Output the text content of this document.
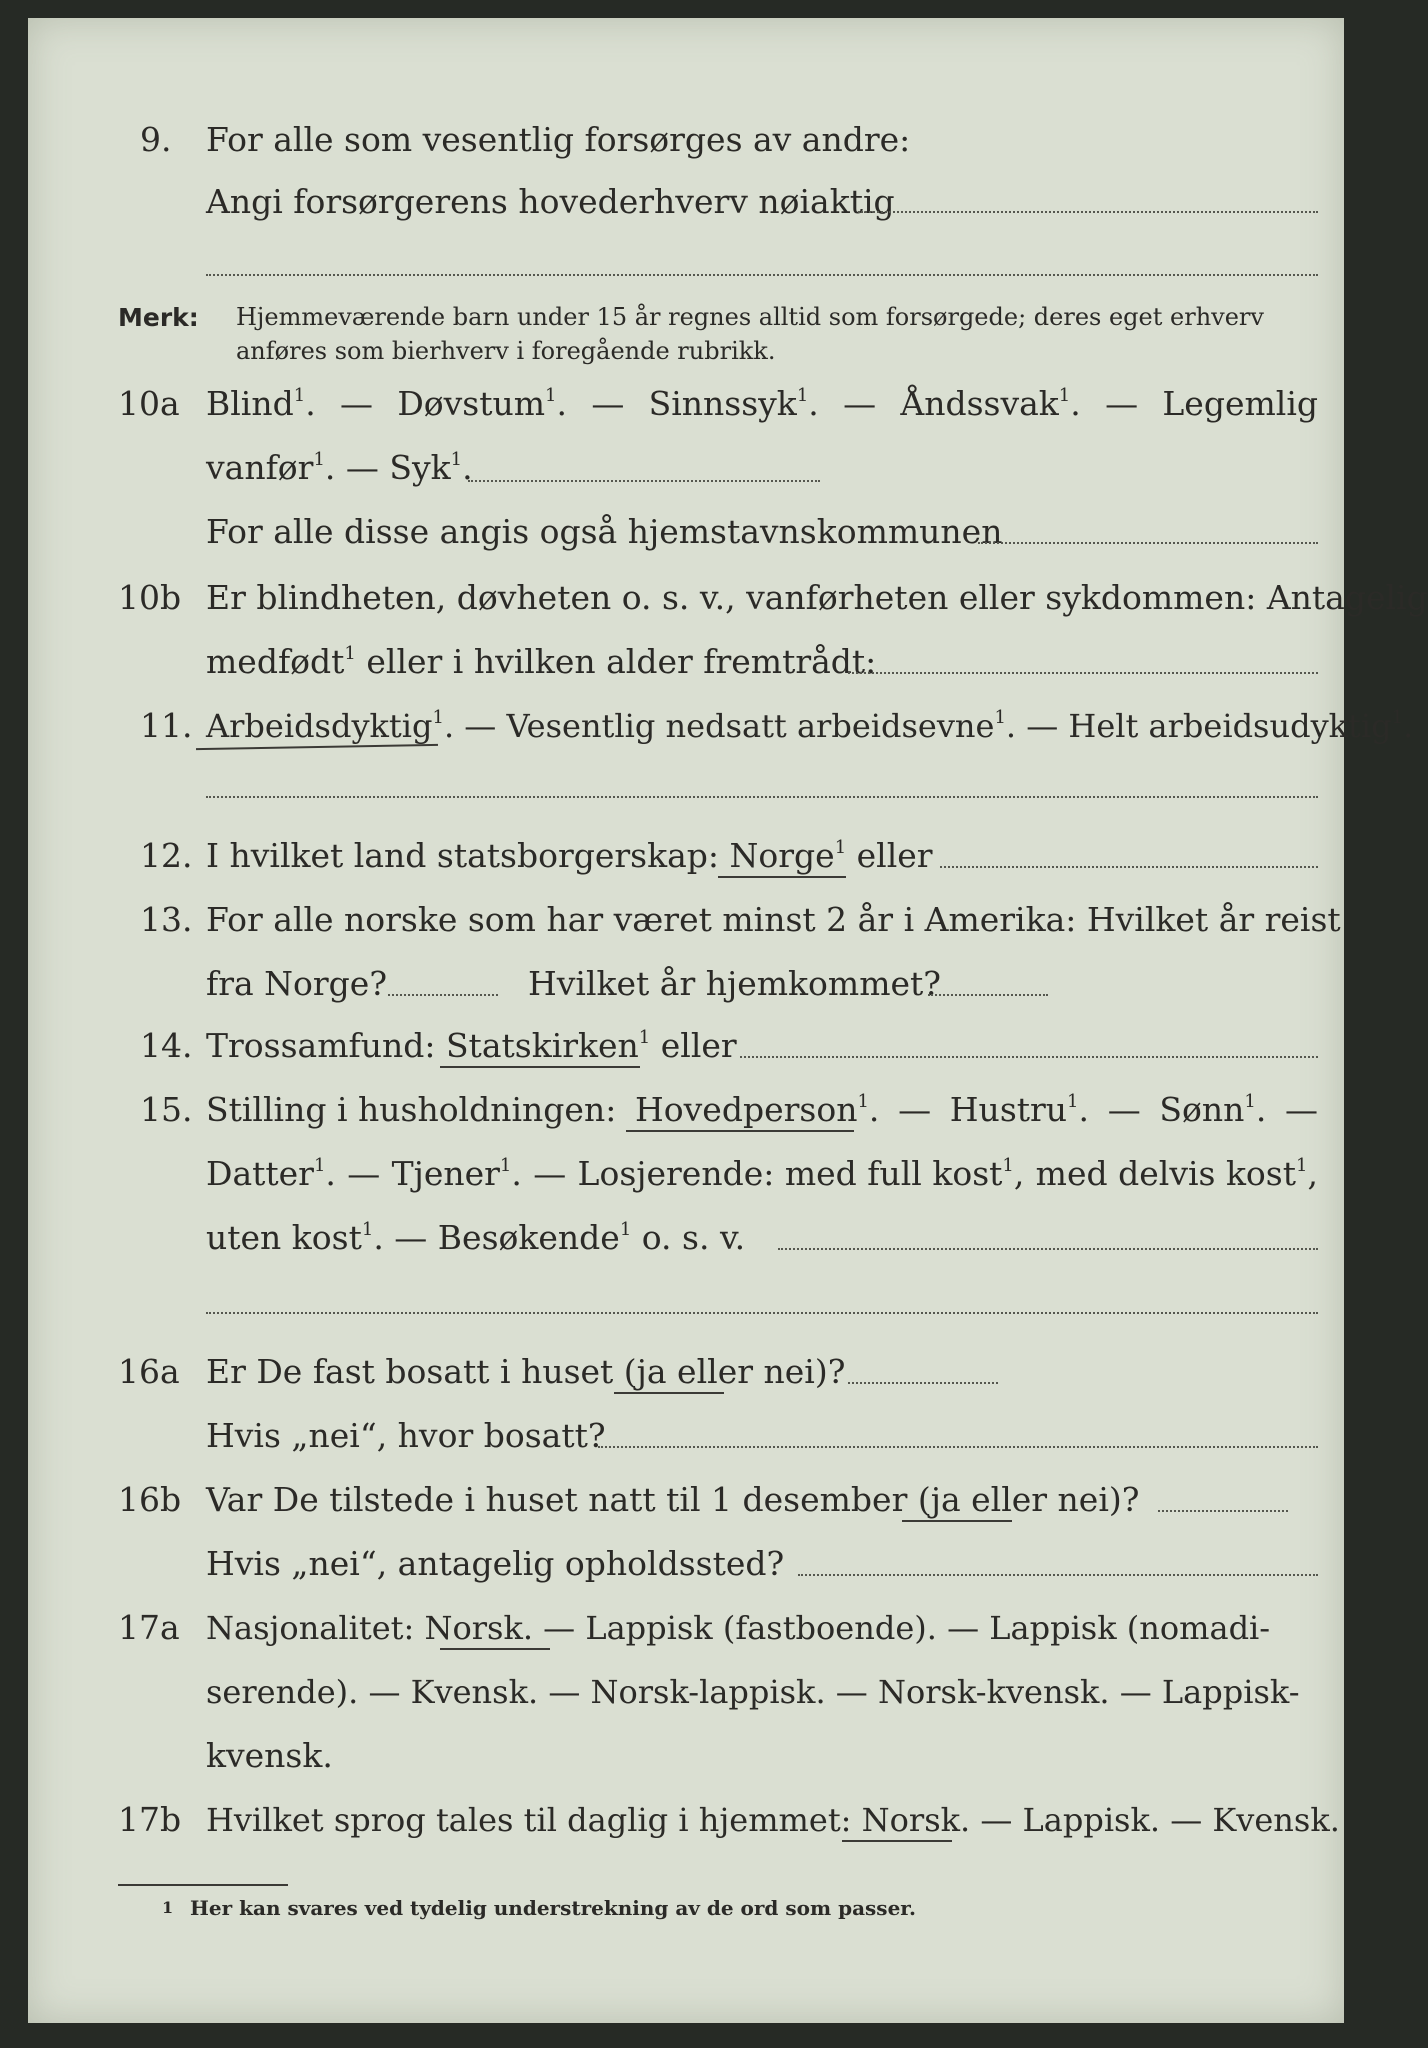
9. For alle som vesentlig forsørges av andre:
Angi forsørgerens hovederhverv nøiaktig
Merk: Hjemmeværende barn under 15 år regnes alltid som forsørgede; deres eget erhverv
anføres som bierhverv i foregående rubrikk.
10a Blind$^1$. — Døvstum$^1$. — Sinnssyk$^1$. — Åndssvak$^1$. — Legemlig
vanfør$^1$. — Syk$^1$.
For alle disse angis også hjemstavnskommunen
10b Er blindheten, døvheten o. s. v., vanførheten eller sykdommen: Antagelig
medfødt$^1$ eller i hvilken alder fremtrådt:
11. Arbeidsdyktig$^1$. — Vesentlig nedsatt arbeidsevne$^1$. — Helt arbeidsudyktig$^1$.
12. I hvilket land statsborgerskap: Norge$^1$ eller
13. For alle norske som har været minst 2 år i Amerika: Hvilket år reist
fra Norge?	Hvilket år hjemkommet?
14. Trossamfund: Statskirken$^1$ eller
15. Stilling i husholdningen: Hovedperson$^1$. — Hustru$^1$. — Sønn$^1$. —
Datter$^1$. — Tjener$^1$. — Losjerende: med full kost$^1$, med delvis kost$^1$,
uten kost$^1$. — Besøkende$^1$ o. s. v.
16a Er De fast bosatt i huset (ja eller nei)?
Hvis „nei“, hvor bosatt?
16b Var De tilstede i huset natt til 1 desember (ja eller nei)?
Hvis „nei“, antagelig opholdssted?
17a Nasjonalitet: Norsk. — Lappisk (fastboende). — Lappisk (nomadi-
serende). — Kvensk. — Norsk-lappisk. — Norsk-kvensk. — Lappisk-
kvensk.
17b Hvilket sprog tales til daglig i hjemmet: Norsk. — Lappisk. — Kvensk.
1 Her kan svares ved tydelig understrekning av de ord som passer.
